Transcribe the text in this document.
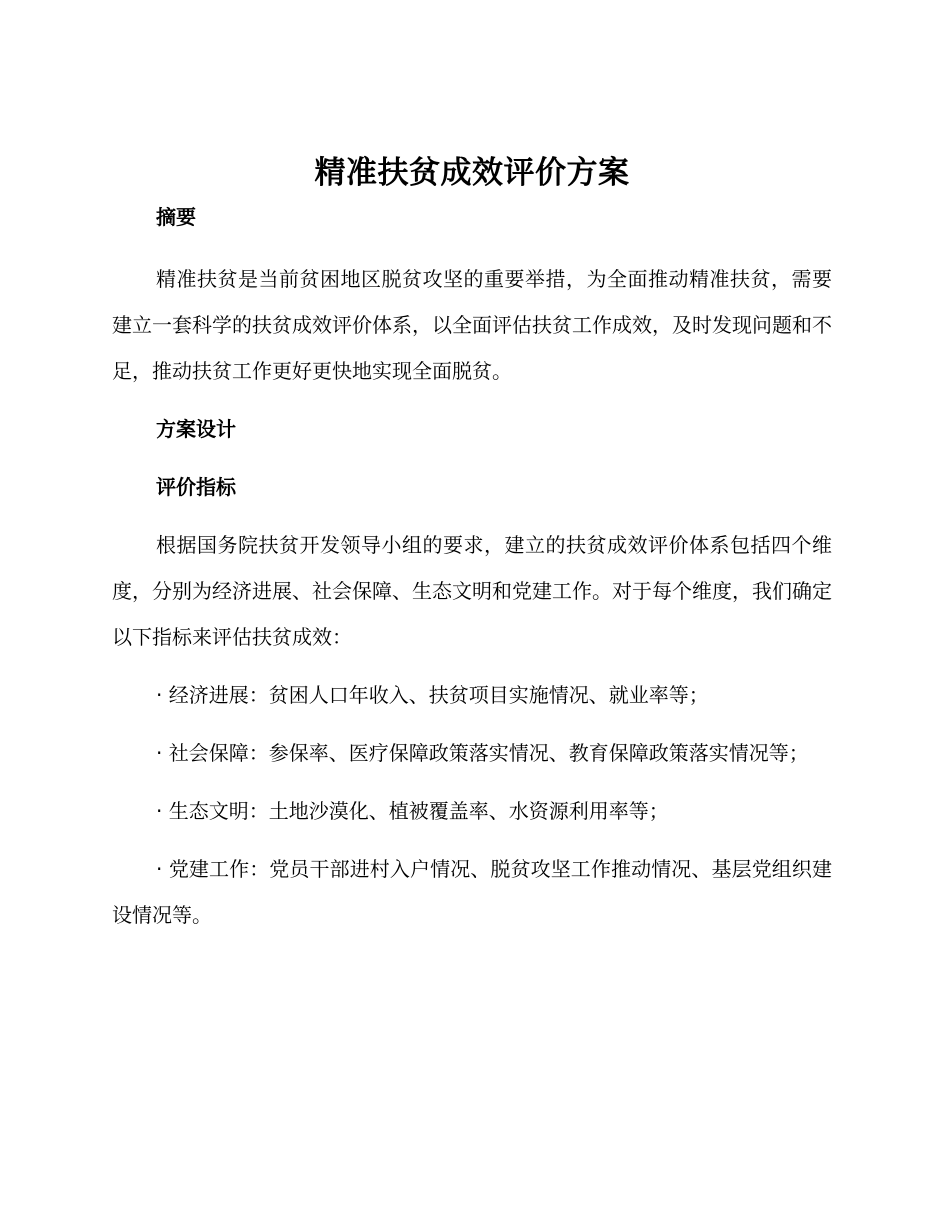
精准扶贫成效评价方案

摘要

精准扶贫是当前贫困地区脱贫攻坚的重要举措，为全面推动精准扶贫，需要建立一套科学的扶贫成效评价体系，以全面评估扶贫工作成效，及时发现问题和不足，推动扶贫工作更好更快地实现全面脱贫。

方案设计

评价指标

根据国务院扶贫开发领导小组的要求，建立的扶贫成效评价体系包括四个维度，分别为经济进展、社会保障、生态文明和党建工作。对于每个维度，我们确定以下指标来评估扶贫成效：

· 经济进展：贫困人口年收入、扶贫项目实施情况、就业率等；

· 社会保障：参保率、医疗保障政策落实情况、教育保障政策落实情况等；

· 生态文明：土地沙漠化、植被覆盖率、水资源利用率等；

· 党建工作：党员干部进村入户情况、脱贫攻坚工作推动情况、基层党组织建设情况等。
